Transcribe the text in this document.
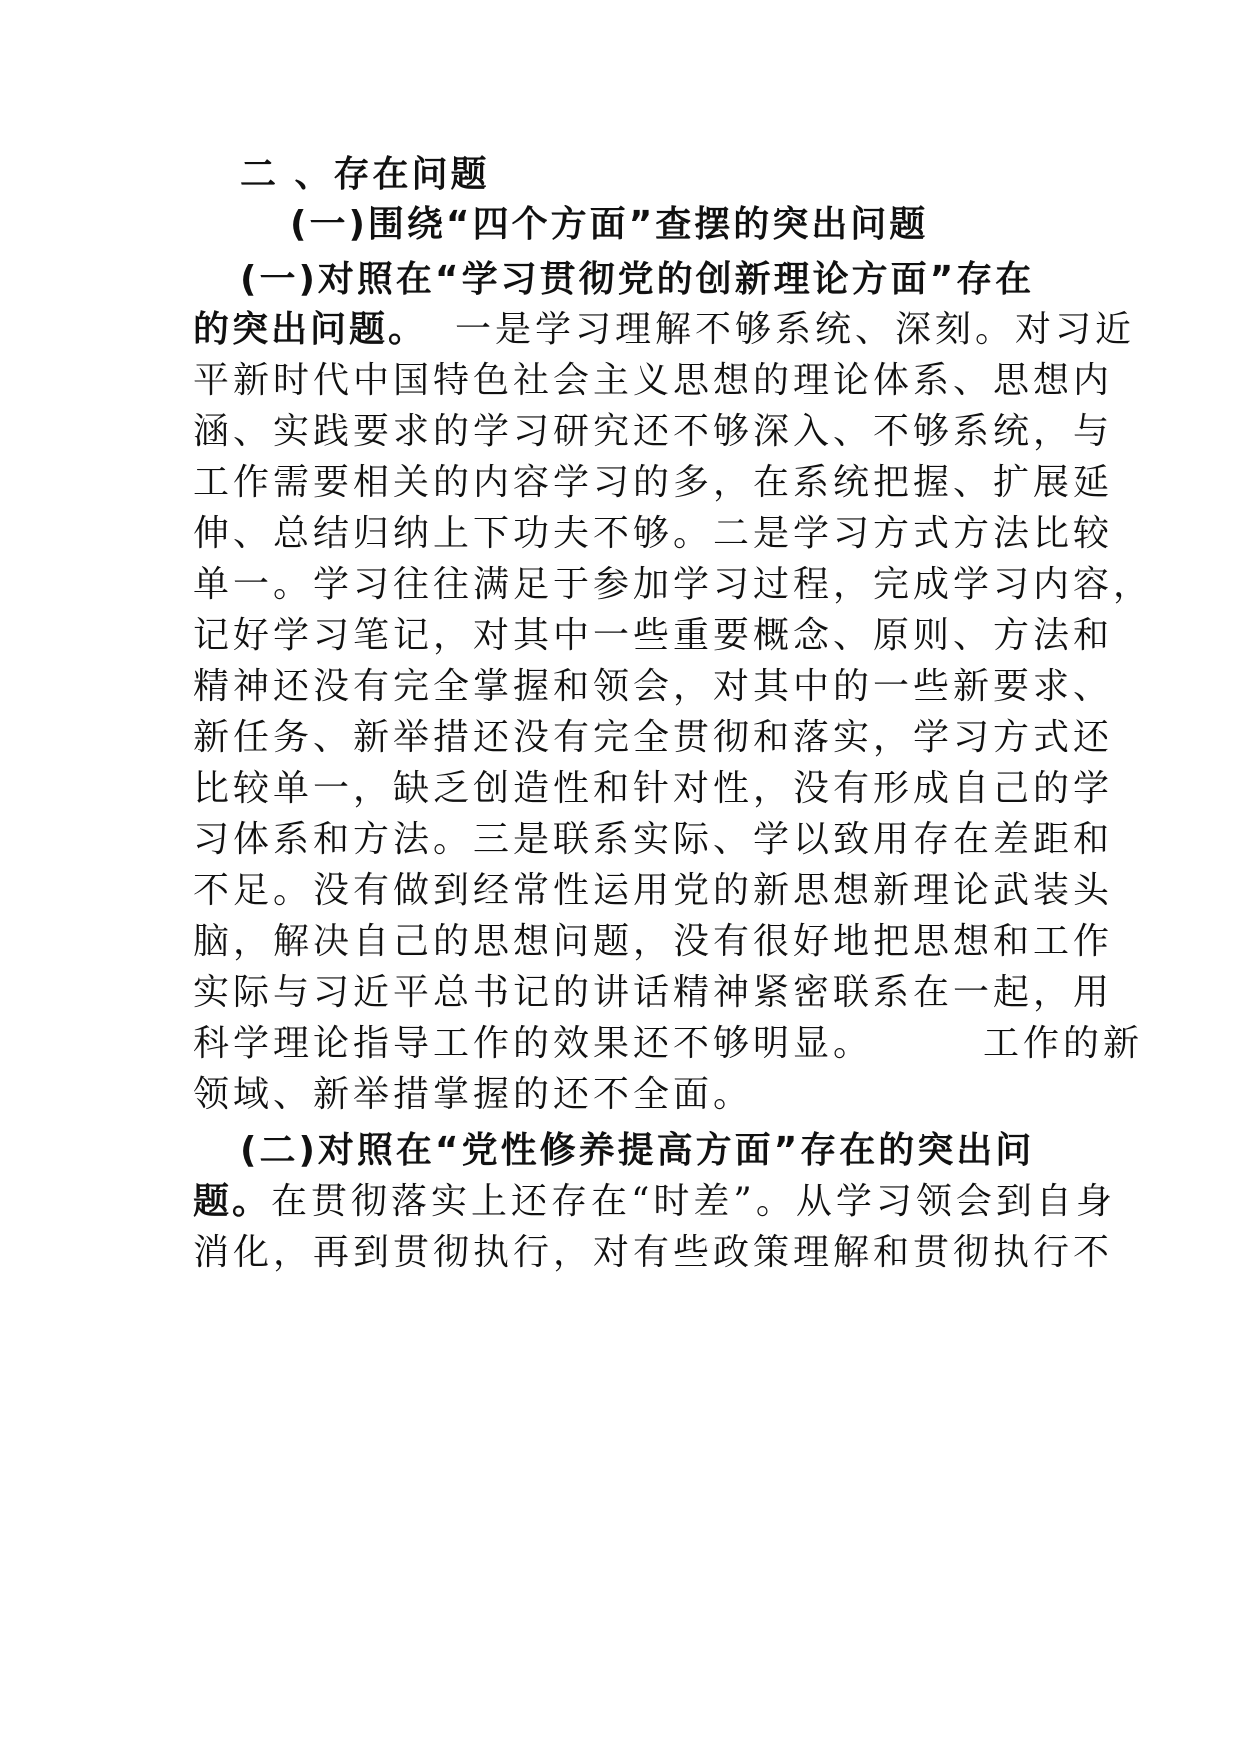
二 、存在问题
(一)围绕“四个方面”查摆的突出问题
(一)对照在“学习贯彻党的创新理论方面”存在
的突出问题。 一是学习理解不够系统、深刻。对习近
平新时代中国特色社会主义思想的理论体系、思想内
涵、实践要求的学习研究还不够深入、不够系统，与
工作需要相关的内容学习的多，在系统把握、扩展延
伸、总结归纳上下功夫不够。二是学习方式方法比较
单一。学习往往满足于参加学习过程，完成学习内容，
记好学习笔记，对其中一些重要概念、原则、方法和
精神还没有完全掌握和领会，对其中的一些新要求、
新任务、新举措还没有完全贯彻和落实，学习方式还
比较单一，缺乏创造性和针对性，没有形成自己的学
习体系和方法。三是联系实际、学以致用存在差距和
不足。没有做到经常性运用党的新思想新理论武装头
脑，解决自己的思想问题，没有很好地把思想和工作
实际与习近平总书记的讲话精神紧密联系在一起，用
科学理论指导工作的效果还不够明显。	工作的新
领域、新举措掌握的还不全面。
(二)对照在“党性修养提高方面”存在的突出问
题。在贯彻落实上还存在“时差”。从学习领会到自身
消化，再到贯彻执行，对有些政策理解和贯彻执行不
